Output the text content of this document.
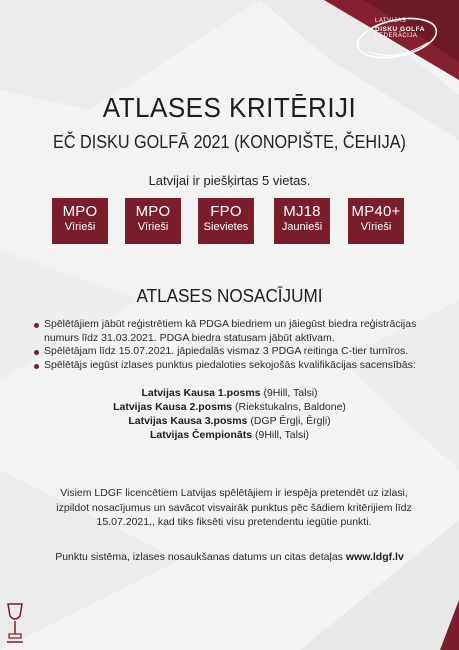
LATVIJAS
DISKU GOLFA
FEDERĀCIJA
ATLASES KRITĒRIJI
EČ DISKU GOLFĀ 2021 (KONOPIŠTE, ČEHIJA)
Latvijai ir piešķirtas 5 vietas.
MPO
Vīrieši
MPO
Vīrieši
FPO
Sievietes
MJ18
Jaunieši
MP40+
Vīrieši
ATLASES NOSACĪJUMI
Spēlētājiem jābūt reģistrētiem kā PDGA biedriem un jāiegūst biedra reģistrācijas numurs līdz 31.03.2021. PDGA biedra statusam jābūt aktīvam.
Spēlētājam līdz 15.07.2021. jāpiedalās vismaz 3 PDGA reitinga C-tier turnīros.
Spēlētājs iegūst izlases punktus piedaloties sekojošās kvalifikācijas sacensībās:
Latvijas Kausa 1.posms (9Hill, Talsi)
Latvijas Kausa 2.posms (Riekstukalns, Baldone)
Latvijas Kausa 3.posms (DGP Ērgļi, Ērgļi)
Latvijas Čempionāts (9Hill, Talsi)
Visiem LDGF licencētiem Latvijas spēlētājiem ir iespēja pretendēt uz izlasi, izpildot nosacījumus un savācot visvairāk punktus pēc šādiem kritērijiem līdz 15.07.2021., kad tiks fiksēti visu pretendentu iegūtie punkti.
Punktu sistēma, izlases nosaukšanas datums un citas detaļas www.ldgf.lv
